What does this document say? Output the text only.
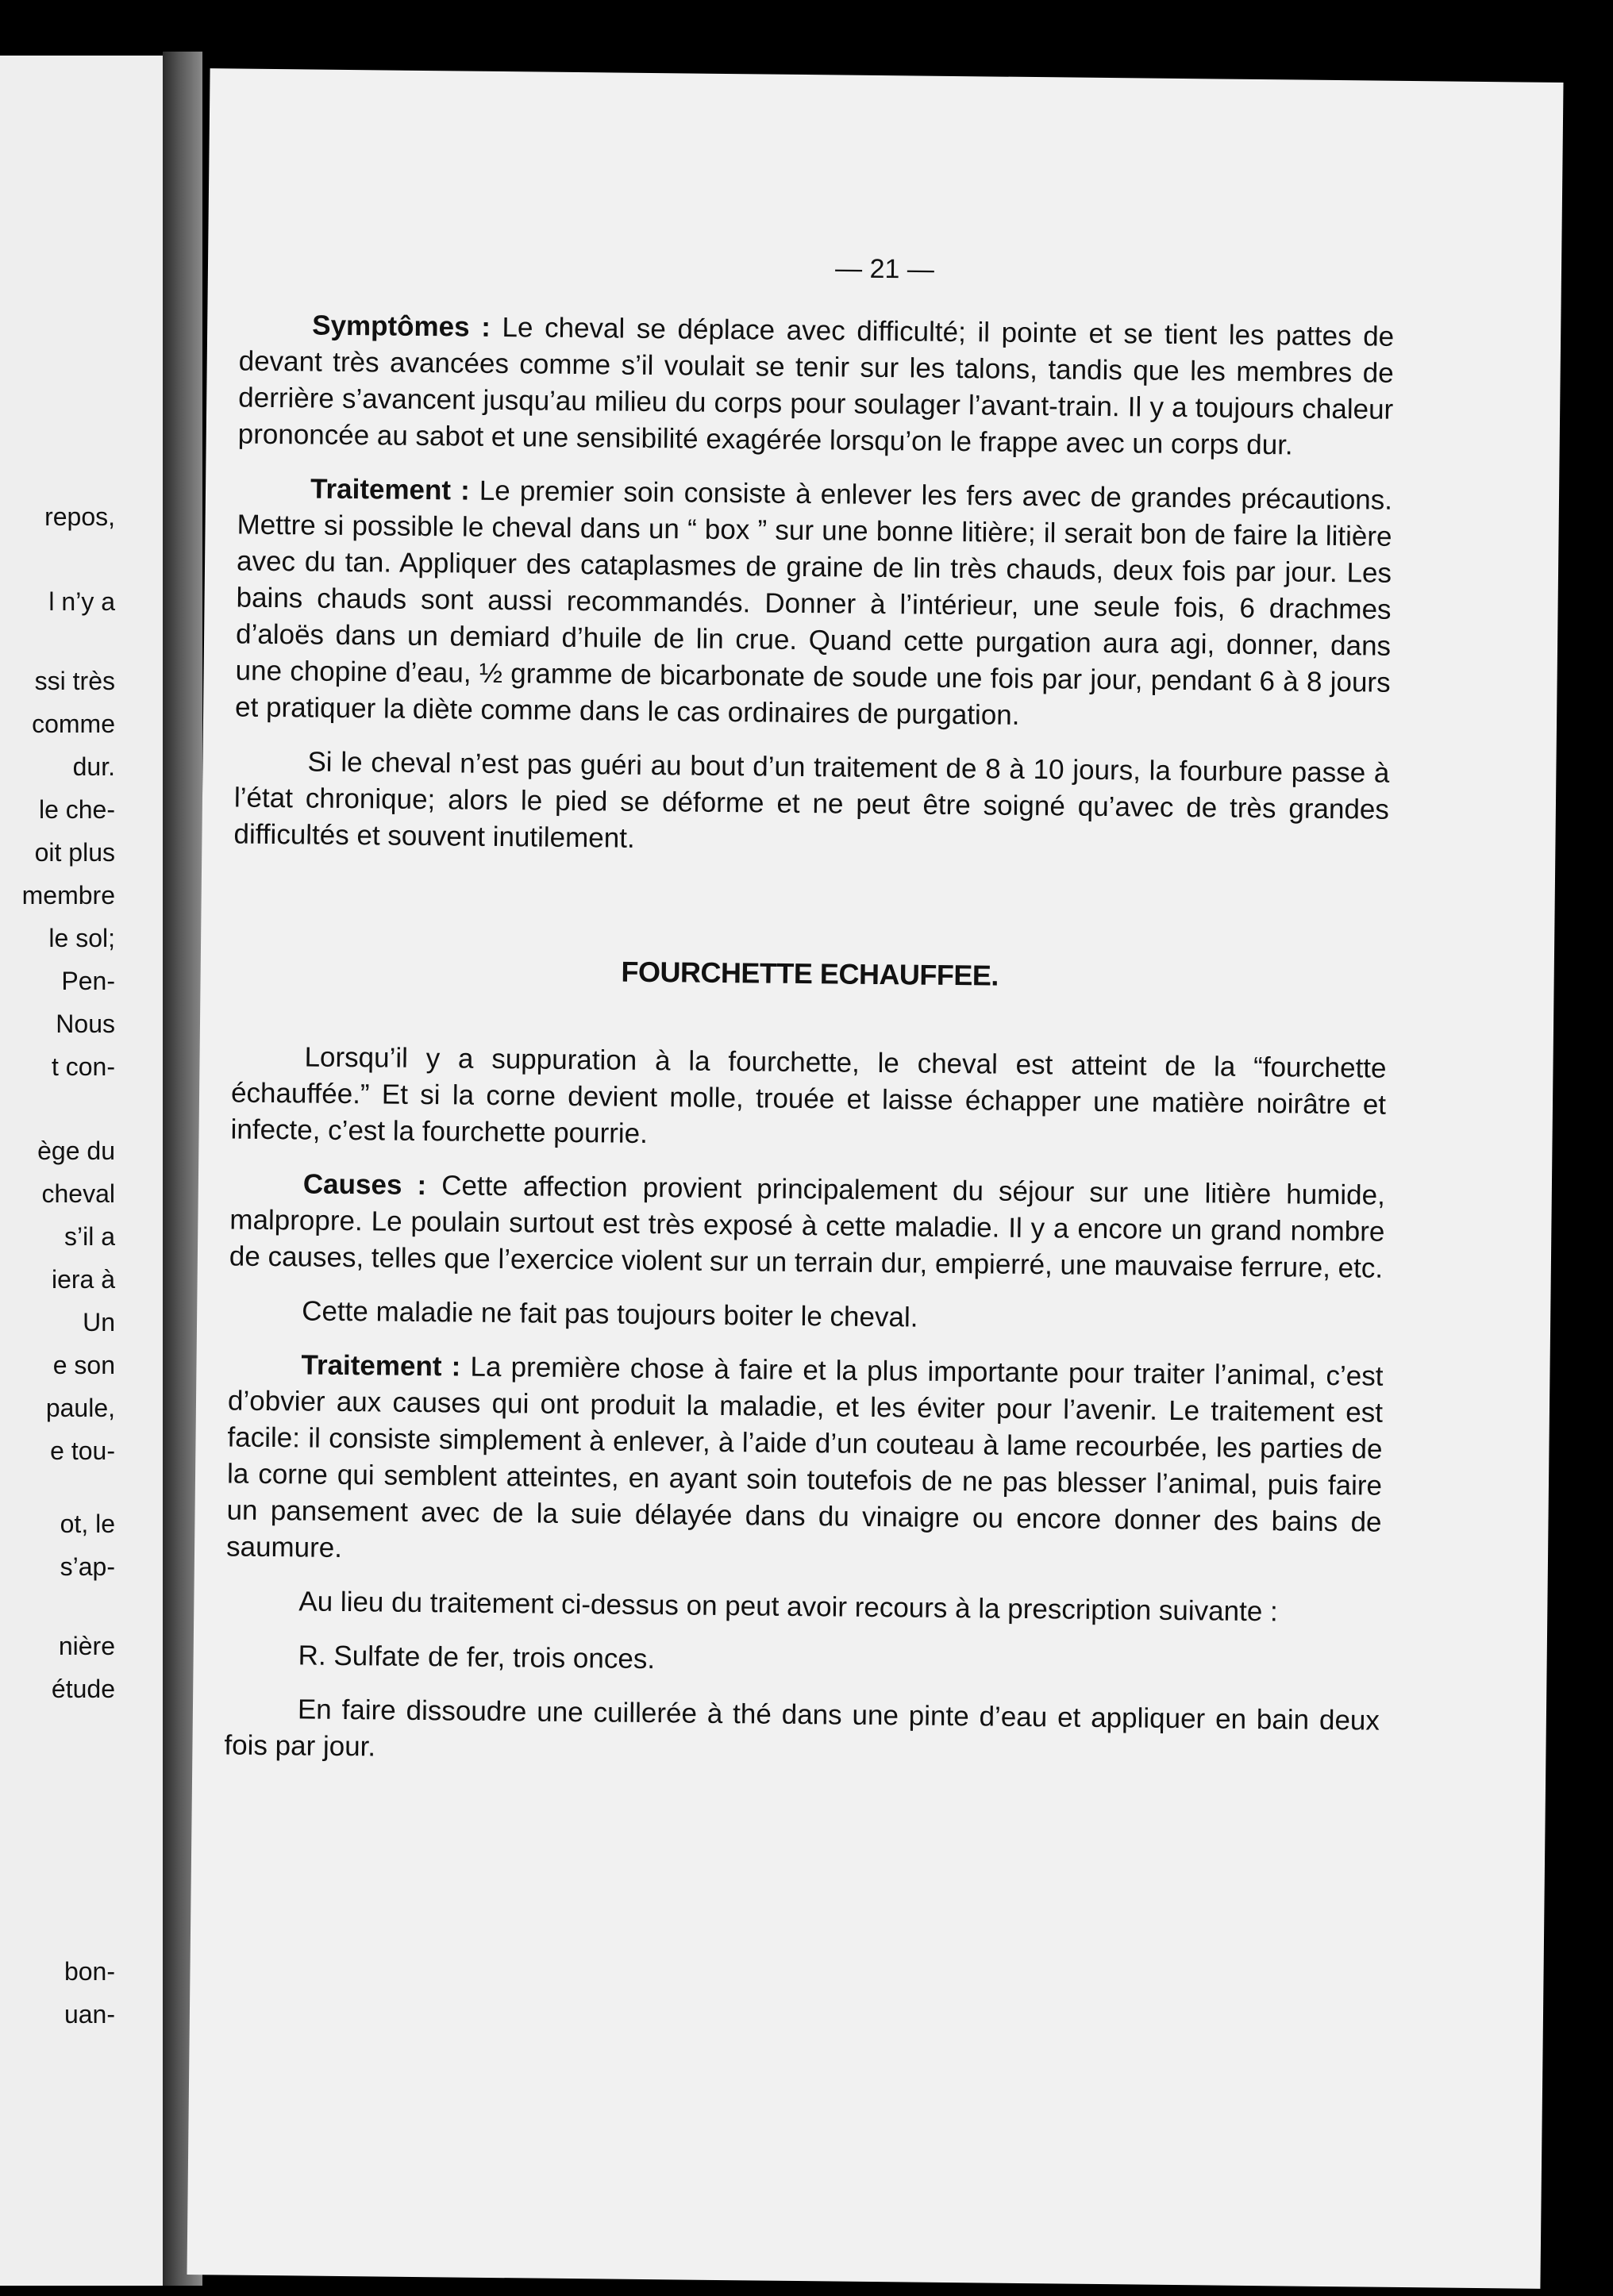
repos,
l n’y a
ssi très
comme
dur.
le che-
oit plus
membre
le sol;
Pen-
Nous
t con-
ège du
cheval
s’il a
iera à
Un
e son
paule,
e tou-
ot, le
s’ap-
nière
étude
bon-
uan-
— 21 —

Symptômes : Le cheval se déplace avec difficulté; il pointe et se tient les pattes de devant très avancées comme s’il voulait se tenir sur les talons, tandis que les membres de derrière s’avancent jusqu’au milieu du corps pour soulager l’avant-train. Il y a toujours chaleur prononcée au sabot et une sensibilité exagérée lorsqu’on le frappe avec un corps dur.

Traitement : Le premier soin consiste à enlever les fers avec de grandes précautions. Mettre si possible le cheval dans un “ box ” sur une bonne litière; il serait bon de faire la litière avec du tan. Appliquer des cataplasmes de graine de lin très chauds, deux fois par jour. Les bains chauds sont aussi recommandés. Donner à l’intérieur, une seule fois, 6 drachmes d’aloës dans un demiard d’huile de lin crue. Quand cette purgation aura agi, donner, dans une chopine d’eau, ½ gramme de bicarbonate de soude une fois par jour, pendant 6 à 8 jours et pratiquer la diète comme dans le cas ordinaires de purgation.

Si le cheval n’est pas guéri au bout d’un traitement de 8 à 10 jours, la fourbure passe à l’état chronique; alors le pied se déforme et ne peut être soigné qu’avec de très grandes difficultés et souvent inutilement.

FOURCHETTE ECHAUFFEE.

Lorsqu’il y a suppuration à la fourchette, le cheval est atteint de la “fourchette échauffée.” Et si la corne devient molle, trouée et laisse échapper une matière noirâtre et infecte, c’est la fourchette pourrie.

Causes : Cette affection provient principalement du séjour sur une litière humide, malpropre. Le poulain surtout est très exposé à cette maladie. Il y a encore un grand nombre de causes, telles que l’exercice violent sur un terrain dur, empierré, une mauvaise ferrure, etc.

Cette maladie ne fait pas toujours boiter le cheval.

Traitement : La première chose à faire et la plus importante pour traiter l’animal, c’est d’obvier aux causes qui ont produit la maladie, et les éviter pour l’avenir. Le traitement est facile: il consiste simplement à enlever, à l’aide d’un couteau à lame recourbée, les parties de la corne qui semblent atteintes, en ayant soin toutefois de ne pas blesser l’animal, puis faire un pansement avec de la suie délayée dans du vinaigre ou encore donner des bains de saumure.

Au lieu du traitement ci-dessus on peut avoir recours à la prescription suivante :

R. Sulfate de fer, trois onces.

En faire dissoudre une cuillerée à thé dans une pinte d’eau et appliquer en bain deux fois par jour.
